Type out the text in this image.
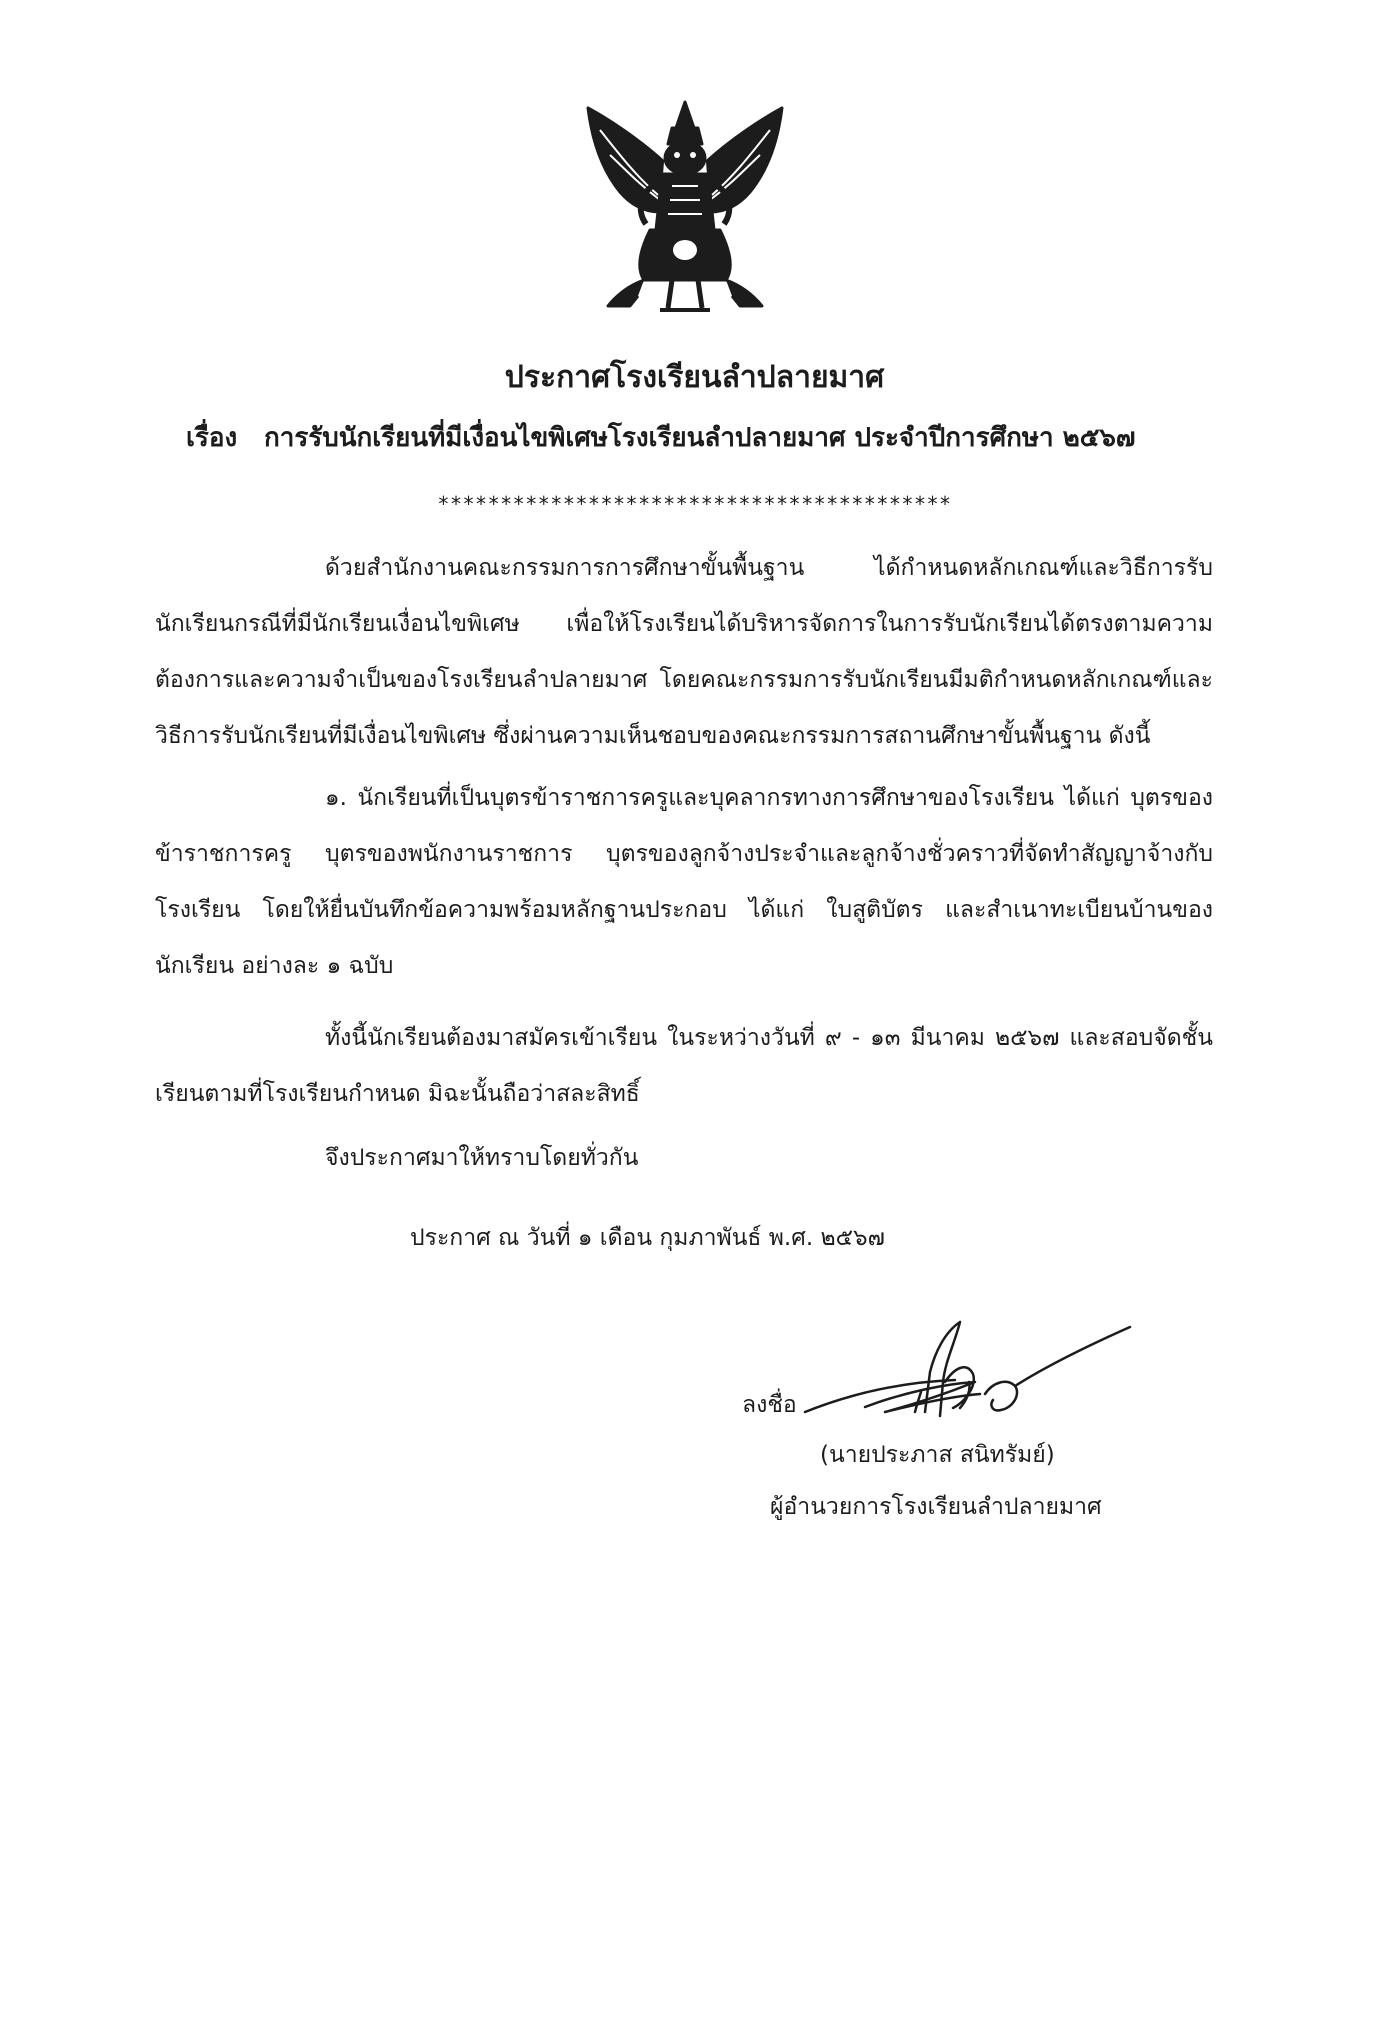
ประกาศโรงเรียนลำปลายมาศ
เรื่อง การรับนักเรียนที่มีเงื่อนไขพิเศษโรงเรียนลำปลายมาศ ประจำปีการศึกษา ๒๕๖๗
*****************************************

ด้วยสำนักงานคณะกรรมการการศึกษาขั้นพื้นฐาน ได้กำหนดหลักเกณฑ์และวิธีการรับนักเรียนกรณีที่มีนักเรียนเงื่อนไขพิเศษ เพื่อให้โรงเรียนได้บริหารจัดการในการรับนักเรียนได้ตรงตามความต้องการและความจำเป็นของโรงเรียนลำปลายมาศ โดยคณะกรรมการรับนักเรียนมีมติกำหนดหลักเกณฑ์และวิธีการรับนักเรียนที่มีเงื่อนไขพิเศษ ซึ่งผ่านความเห็นชอบของคณะกรรมการสถานศึกษาขั้นพื้นฐาน ดังนี้

๑. นักเรียนที่เป็นบุตรข้าราชการครูและบุคลากรทางการศึกษาของโรงเรียน ได้แก่ บุตรของข้าราชการครู บุตรของพนักงานราชการ บุตรของลูกจ้างประจำและลูกจ้างชั่วคราวที่จัดทำสัญญาจ้างกับโรงเรียน โดยให้ยื่นบันทึกข้อความพร้อมหลักฐานประกอบ ได้แก่ ใบสูติบัตร และสำเนาทะเบียนบ้านของนักเรียน อย่างละ ๑ ฉบับ

ทั้งนี้นักเรียนต้องมาสมัครเข้าเรียน ในระหว่างวันที่ ๙ - ๑๓ มีนาคม ๒๕๖๗ และสอบจัดชั้นเรียนตามที่โรงเรียนกำหนด มิฉะนั้นถือว่าสละสิทธิ์

จึงประกาศมาให้ทราบโดยทั่วกัน
ประกาศ ณ วันที่ ๑ เดือน กุมภาพันธ์ พ.ศ. ๒๕๖๗
ลงชื่อ
(นายประภาส สนิทรัมย์)
ผู้อำนวยการโรงเรียนลำปลายมาศ
